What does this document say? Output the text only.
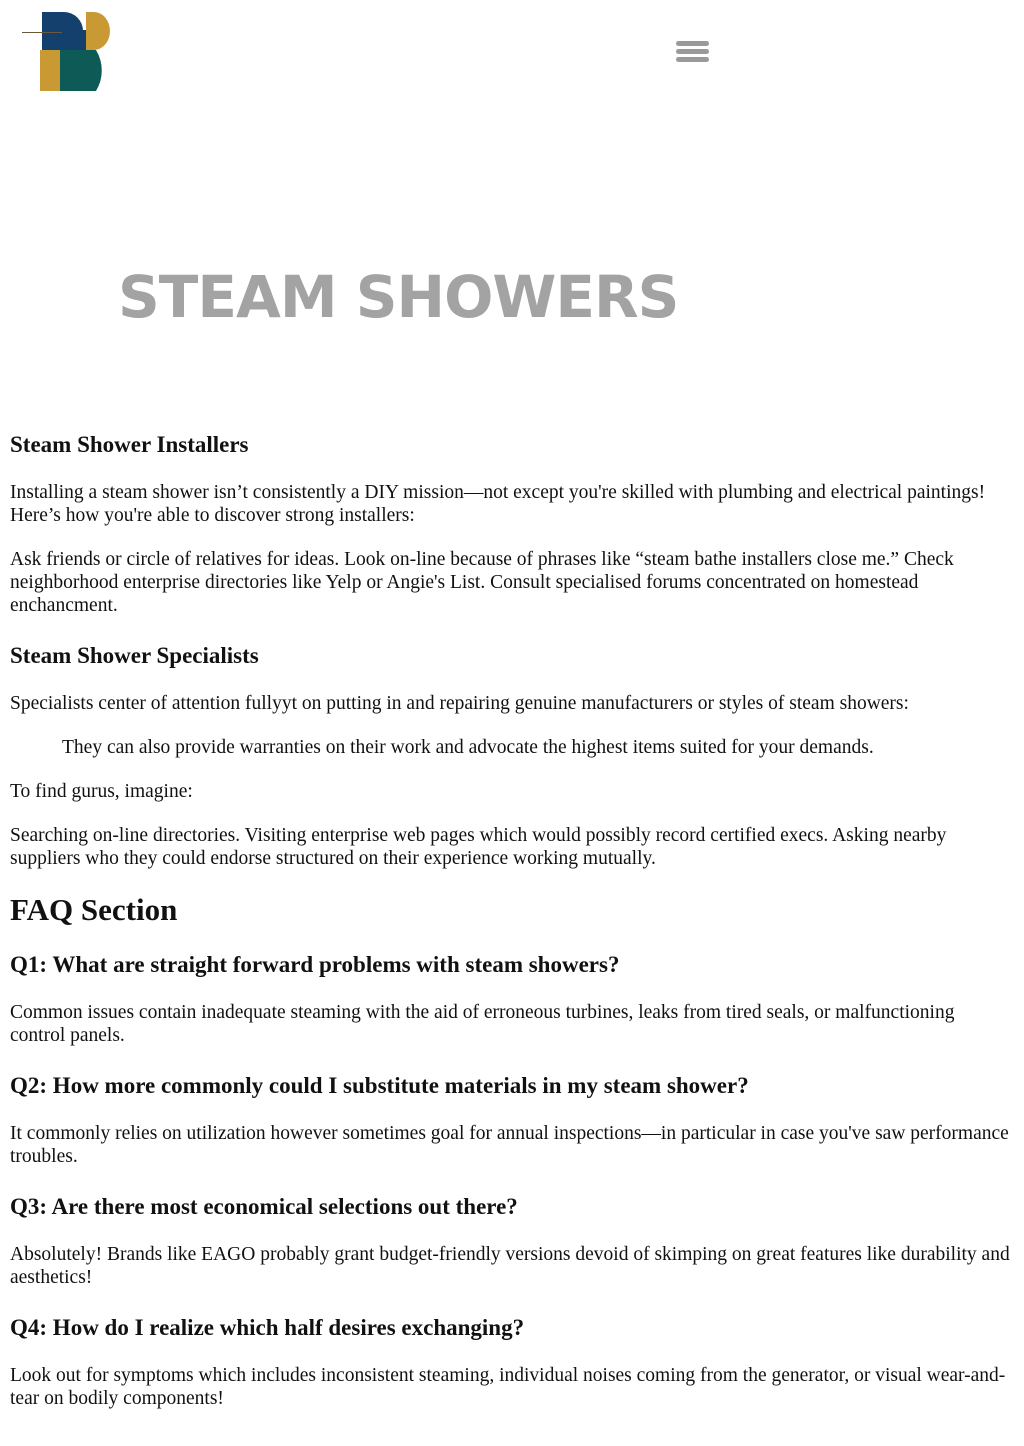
STEAM SHOWERS
Steam Shower Installers

Installing a steam shower isn’t consistently a DIY mission—not except you're skilled with plumbing and electrical paintings! Here’s how you're able to discover strong installers:

Ask friends or circle of relatives for ideas. Look on-line because of phrases like “steam bathe installers close me.” Check neighborhood enterprise directories like Yelp or Angie's List. Consult specialised forums concentrated on homestead enchancment.

Steam Shower Specialists

Specialists center of attention fullyyt on putting in and repairing genuine manufacturers or styles of steam showers:

They can also provide warranties on their work and advocate the highest items suited for your demands.

To find gurus, imagine:

Searching on-line directories. Visiting enterprise web pages which would possibly record certified execs. Asking nearby suppliers who they could endorse structured on their experience working mutually.

FAQ Section
Q1: What are straight forward problems with steam showers?

Common issues contain inadequate steaming with the aid of erroneous turbines, leaks from tired seals, or malfunctioning control panels.

Q2: How more commonly could I substitute materials in my steam shower?

It commonly relies on utilization however sometimes goal for annual inspections—in particular in case you've saw performance troubles.

Q3: Are there most economical selections out there?

Absolutely! Brands like EAGO probably grant budget-friendly versions devoid of skimping on great features like durability and aesthetics!

Q4: How do I realize which half desires exchanging?

Look out for symptoms which includes inconsistent steaming, individual noises coming from the generator, or visual wear-and-tear on bodily components!
